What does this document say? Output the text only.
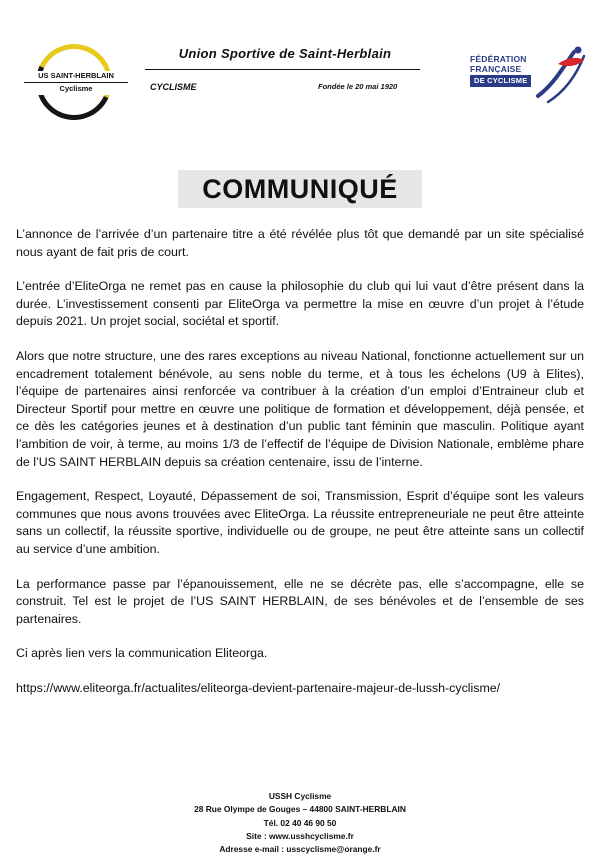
US SAINT-HERBLAIN
Cyclisme
Union Sportive de Saint-Herblain
CYCLISME	Fondée le 20 mai 1920
FÉDÉRATION
FRANÇAISE
DE CYCLISME
COMMUNIQUÉ

L’annonce de l’arrivée d’un partenaire titre a été révélée plus tôt que demandé par un site spécialisé nous ayant de fait pris de court.

L’entrée d’EliteOrga ne remet pas en cause la philosophie du club qui lui vaut d’être présent dans la durée. L’investissement consenti par EliteOrga va permettre la mise en œuvre d’un projet à l’étude depuis 2021. Un projet social, sociétal et sportif.

Alors que notre structure, une des rares exceptions au niveau National, fonctionne actuellement sur un encadrement totalement bénévole, au sens noble du terme, et à tous les échelons (U9 à Elites), l’équipe de partenaires ainsi renforcée va contribuer à la création d’un emploi d’Entraineur club et Directeur Sportif pour mettre en œuvre une politique de formation et développement, déjà pensée, et ce dès les catégories jeunes et à destination d’un public tant féminin que masculin. Politique ayant l’ambition de voir, à terme, au moins 1/3 de l’effectif de l’équipe de Division Nationale, emblème phare de l’US SAINT HERBLAIN depuis sa création centenaire, issu de l’interne.

Engagement, Respect, Loyauté, Dépassement de soi, Transmission, Esprit d’équipe sont les valeurs communes que nous avons trouvées avec EliteOrga. La réussite entrepreneuriale ne peut être atteinte sans un collectif, la réussite sportive, individuelle ou de groupe, ne peut être atteinte sans un collectif au service d’une ambition.

La performance passe par l’épanouissement, elle ne se décrète pas, elle s’accompagne, elle se construit. Tel est le projet de l’US SAINT HERBLAIN, de ses bénévoles et de l’ensemble de ses partenaires.

Ci après lien vers la communication Eliteorga.

https://www.eliteorga.fr/actualites/eliteorga-devient-partenaire-majeur-de-lussh-cyclisme/

USSH Cyclisme
28 Rue Olympe de Gouges – 44800 SAINT-HERBLAIN
Tél. 02 40 46 90 50
Site : www.usshcyclisme.fr
Adresse e-mail : usscyclisme@orange.fr
